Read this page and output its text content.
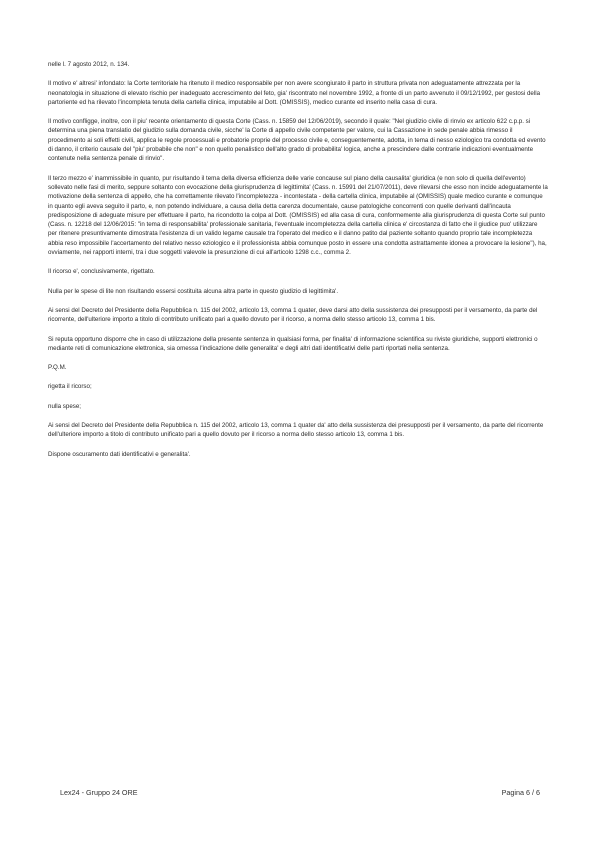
nelle l. 7 agosto 2012, n. 134.

Il motivo e' altresi' infondato: la Corte territoriale ha ritenuto il medico responsabile per non avere scongiurato il parto in struttura privata non adeguatamente attrezzata per la neonatologia in situazione di elevato rischio per inadeguato accrescimento del feto, gia' riscontrato nel novembre 1992, a fronte di un parto avvenuto il 09/12/1992, per gestosi della partoriente ed ha rilevato l'incompleta tenuta della cartella clinica, imputabile al Dott. (OMISSIS), medico curante ed inserito nella casa di cura.

Il motivo confligge, inoltre, con il piu' recente orientamento di questa Corte (Cass. n. 15859 del 12/06/2019), secondo il quale: "Nel giudizio civile di rinvio ex articolo 622 c.p.p. si determina una piena translatio del giudizio sulla domanda civile, sicche' la Corte di appello civile competente per valore, cui la Cassazione in sede penale abbia rimesso il procedimento ai soli effetti civili, applica le regole processuali e probatorie proprie del processo civile e, conseguentemente, adotta, in tema di nesso eziologico tra condotta ed evento di danno, il criterio causale del "piu' probabile che non" e non quello penalistico dell'alto grado di probabilita' logica, anche a prescindere dalle contrarie indicazioni eventualmente contenute nella sentenza penale di rinvio".

Il terzo mezzo e' inammissibile in quanto, pur risultando il tema della diversa efficienza delle varie concause sul piano della causalita' giuridica (e non solo di quella dell'evento) sollevato nelle fasi di merito, seppure soltanto con evocazione della giurisprudenza di legittimita' (Cass. n. 15991 del 21/07/2011), deve rilevarsi che esso non incide adeguatamente la motivazione della sentenza di appello, che ha correttamente rilevato l'incompletezza - incontestata - della cartella clinica, imputabile al (OMISSIS) quale medico curante e comunque in quanto egli aveva seguito il parto, e, non potendo individuare, a causa della detta carenza documentale, cause patologiche concorrenti con quelle derivanti dall'incauta predisposizione di adeguate misure per effettuare il parto, ha ricondotto la colpa al Dott. (OMISSIS) ed alla casa di cura, conformemente alla giurisprudenza di questa Corte sul punto (Cass. n. 12218 del 12/06/2015: "in tema di responsabilita' professionale sanitaria, l'eventuale incompletezza della cartella clinica e' circostanza di fatto che il giudice puo' utilizzare per ritenere presuntivamente dimostrata l'esistenza di un valido legame causale tra l'operato del medico e il danno patito dal paziente soltanto quando proprio tale incompletezza abbia reso impossibile l'accertamento del relativo nesso eziologico e il professionista abbia comunque posto in essere una condotta astrattamente idonea a provocare la lesione"), ha, ovviamente, nei rapporti interni, tra i due soggetti valevole la presunzione di cui all'articolo 1298 c.c., comma 2.

Il ricorso e', conclusivamente, rigettato.

Nulla per le spese di lite non risultando essersi costituita alcuna altra parte in questo giudizio di legittimita'.

Ai sensi del Decreto del Presidente della Repubblica n. 115 del 2002, articolo 13, comma 1 quater, deve darsi atto della sussistenza dei presupposti per il versamento, da parte del ricorrente, dell'ulteriore importo a titolo di contributo unificato pari a quello dovuto per il ricorso, a norma dello stesso articolo 13, comma 1 bis.

Si reputa opportuno disporre che in caso di utilizzazione della presente sentenza in qualsiasi forma, per finalita' di informazione scientifica su riviste giuridiche, supporti elettronici o mediante reti di comunicazione elettronica, sia omessa l'indicazione delle generalita' e degli altri dati identificativi delle parti riportati nella sentenza.

P.Q.M.

rigetta il ricorso;

nulla spese;

Ai sensi del Decreto del Presidente della Repubblica n. 115 del 2002, articolo 13, comma 1 quater da' atto della sussistenza dei presupposti per il versamento, da parte del ricorrente dell'ulteriore importo a titolo di contributo unificato pari a quello dovuto per il ricorso a norma dello stesso articolo 13, comma 1 bis.

Dispone oscuramento dati identificativi e generalita'.

Lex24 - Gruppo 24 ORE	Pagina 6 / 6
